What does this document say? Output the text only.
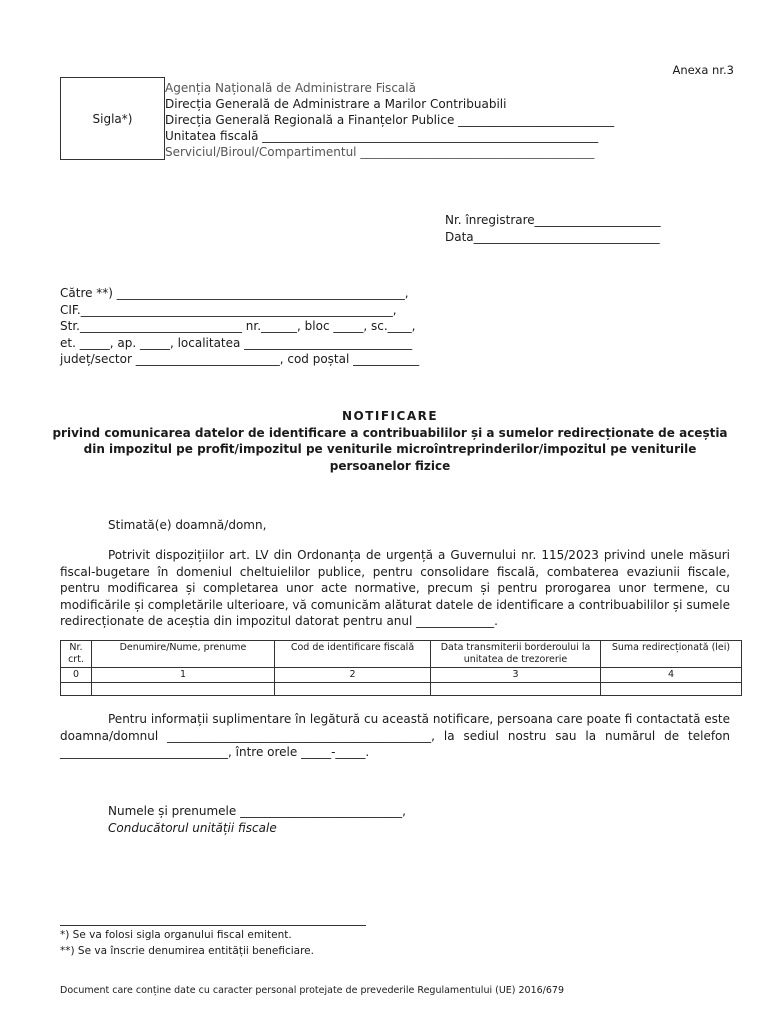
Anexa nr.3
Sigla*)
Agenția Națională de Administrare Fiscală
Direcția Generală de Administrare a Marilor Contribuabili
Direcția Generală Regională a Finanțelor Publice __________________________
Unitatea fiscală ________________________________________________________
Serviciul/Biroul/Compartimentul _______________________________________
Nr. înregistrare_____________________
Data_______________________________
Către **) ________________________________________________,
CIF.____________________________________________________,
Str.___________________________ nr.______, bloc _____, sc.____,
et. _____, ap. _____, localitatea ____________________________
județ/sector ________________________, cod poștal ___________
NOTIFICARE
privind comunicarea datelor de identificare a contribuabililor și a sumelor redirecționate de aceștia din impozitul pe profit/impozitul pe veniturile microîntreprinderilor/impozitul pe veniturile persoanelor fizice
Stimată(e) doamnă/domn,
Potrivit dispozițiilor art. LV din Ordonanța de urgență a Guvernului nr. 115/2023 privind unele măsuri fiscal-bugetare în domeniul cheltuielilor publice, pentru consolidare fiscală, combaterea evaziunii fiscale, pentru modificarea și completarea unor acte normative, precum și pentru prorogarea unor termene, cu modificările și completările ulterioare, vă comunicăm alăturat datele de identificare a contribuabililor și sumele redirecționate de aceștia din impozitul datorat pentru anul _____________.
Nr. crt.	Denumire/Nume, prenume	Cod de identificare fiscală	Data transmiterii borderoului la unitatea de trezorerie	Suma redirecționată (lei)
0	1	2	3	4

Pentru informații suplimentare în legătură cu această notificare, persoana care poate fi contactată este doamna/domnul ____________________________________________, la sediul nostru sau la numărul de telefon ____________________________, între orele _____-_____.
Numele și prenumele ___________________________,
Conducătorul unității fiscale
*) Se va folosi sigla organului fiscal emitent.
**) Se va înscrie denumirea entității beneficiare.
Document care conține date cu caracter personal protejate de prevederile Regulamentului (UE) 2016/679
